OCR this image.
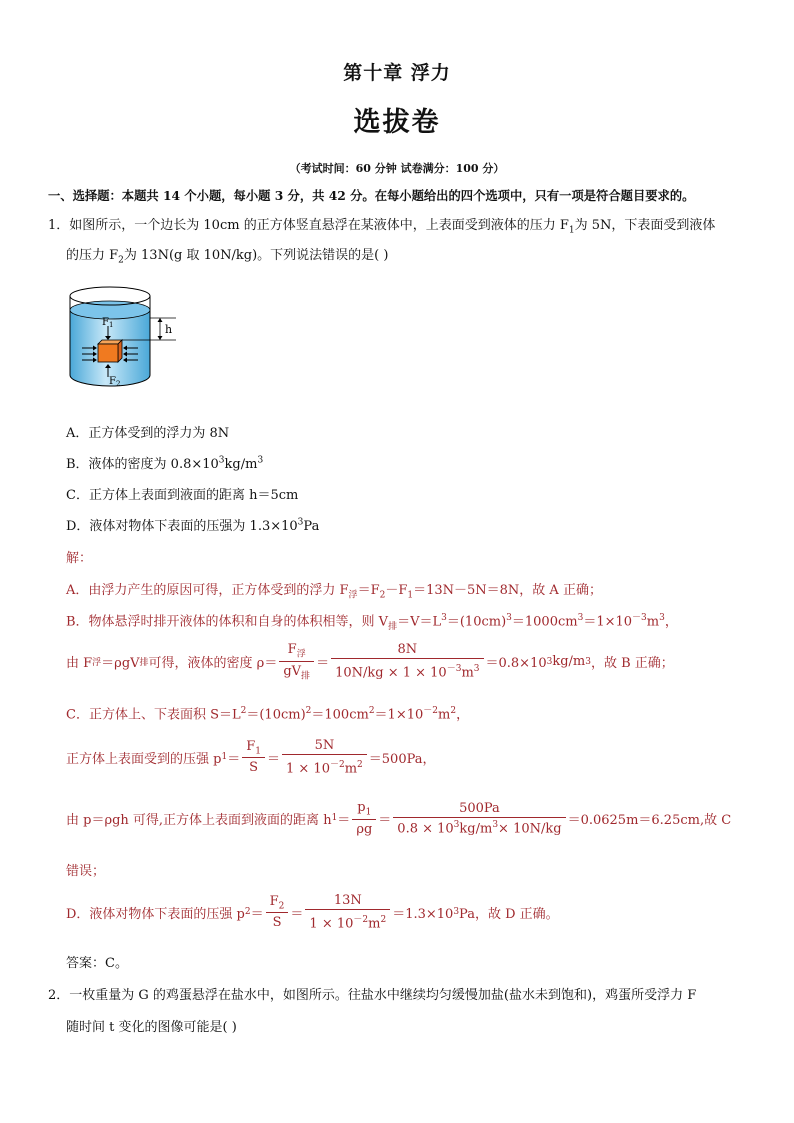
第十章 浮力
选拔卷
（考试时间：60 分钟 试卷满分：100 分）
一、选择题：本题共 14 个小题，每小题 3 分，共 42 分。在每小题给出的四个选项中，只有一项是符合题目要求的。
1．如图所示，一个边长为 10cm 的正方体竖直悬浮在某液体中，上表面受到液体的压力 $F_1$为 5N，下表面受到液体
的压力 $F_2$为 13N(g 取 10N/kg)。下列说法错误的是( )
$F_1$
$F_2$
h
A．正方体受到的浮力为 8N
B．液体的密度为 $0.8\times 10^3kg/m^3$
C．正方体上表面到液面的距离 h＝5cm
D．液体对物体下表面的压强为 $1.3\times 10^3Pa$
解：
A．由浮力产生的原因可得，正方体受到的浮力 $F_浮=F_2-F_1=13N-5N=8N$，故 A 正确；
B．物体悬浮时排开液体的体积和自身的体积相等，则 $V_排=V=L^3=(10cm)^3=1000cm^3=1\times 10^{-3}m^3$，
由 F 浮 ＝ρgV 排 可得，液体的密度 $\rho= \frac{F_浮}{gV_排} = \frac{8N}{10N/kg \times 1 \times 10^{-3}m^3} =0.8\times 10$ 3 kg/m 3 ，故 B 正确；
C．正方体上、下表面积 $S=L^2=(10cm)^2=100cm^2=1\times 10^{-2}m^2$，
正方体上表面受到的压强 p $1 = \frac{F_1}{S} = \frac{5N}{1 \times 10^{-2}m^2} =500Pa$，
由 p＝ρgh 可得,正方体上表面到液面的距离 h $1 = \frac{p_1}{\rho g} = \frac{500Pa}{0.8 \times 10^3kg/m^3\times 10N/kg} =0.0625m=6.25cm$,故 C
错误；
D．液体对物体下表面的压强 p $2 = \frac{F_2}{S} = \frac{13N}{1 \times 10^{-2}m^2} =1.3\times 10$ 3 Pa，故 D 正确。
答案：C。
2．一枚重量为 G 的鸡蛋悬浮在盐水中，如图所示。往盐水中继续均匀缓慢加盐(盐水未到饱和)，鸡蛋所受浮力 F
随时间 t 变化的图像可能是( )
